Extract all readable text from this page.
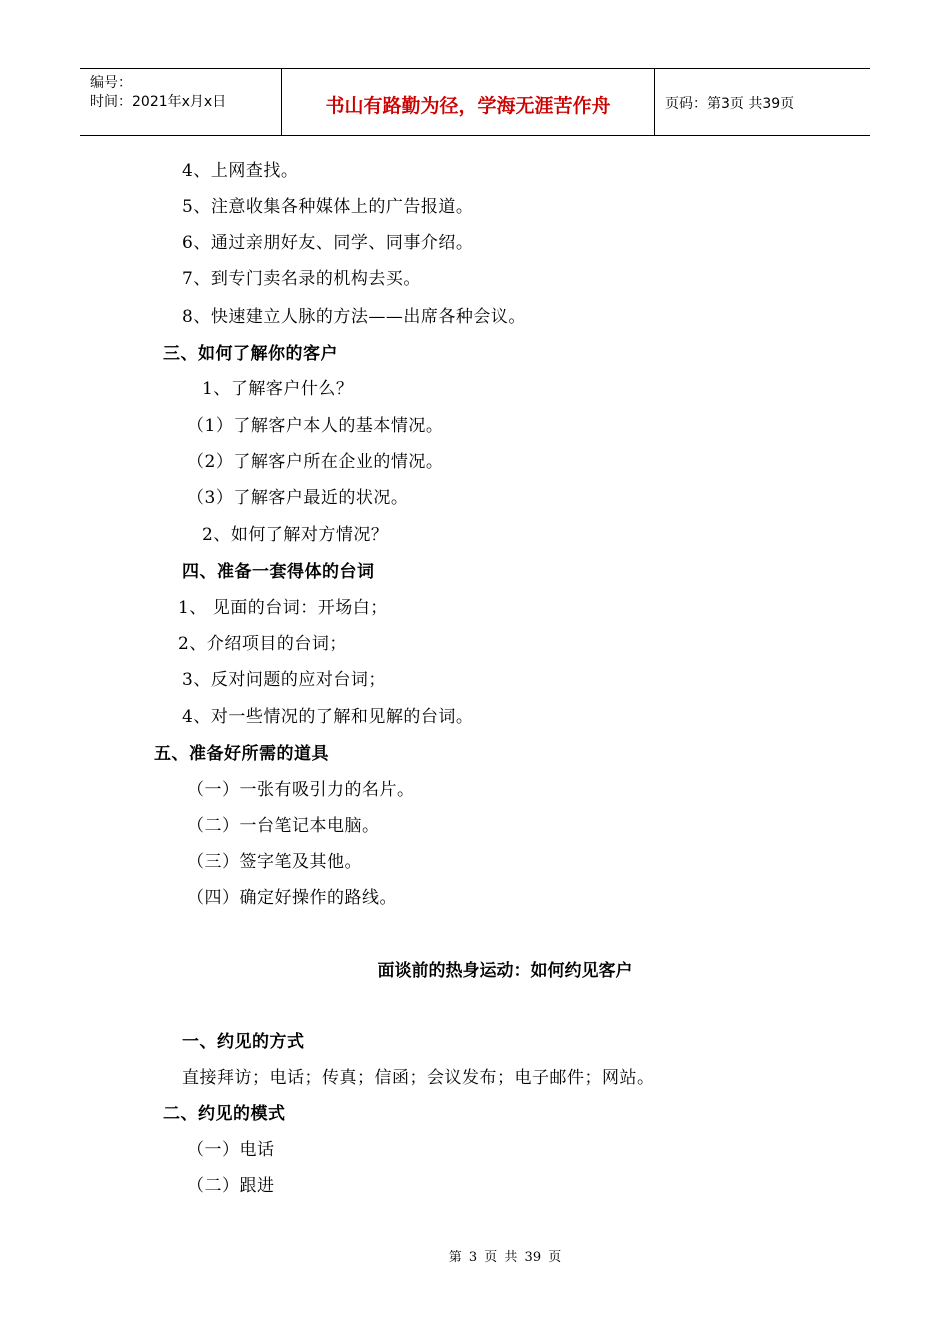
编号：
时间：2021年x月x日	书山有路勤为径，学海无涯苦作舟	页码：第3页 共39页
4、上网查找。
5、注意收集各种媒体上的广告报道。
6、通过亲朋好友、同学、同事介绍。
7、到专门卖名录的机构去买。
8、快速建立人脉的方法——出席各种会议。
三、如何了解你的客户
1、了解客户什么？
（1）了解客户本人的基本情况。
（2）了解客户所在企业的情况。
（3）了解客户最近的状况。
2、如何了解对方情况？
四、准备一套得体的台词
1、 见面的台词：开场白；
2、介绍项目的台词；
3、反对问题的应对台词；
4、对一些情况的了解和见解的台词。
五、准备好所需的道具
（一）一张有吸引力的名片。
（二）一台笔记本电脑。
（三）签字笔及其他。
（四）确定好操作的路线。
面谈前的热身运动：如何约见客户
一、约见的方式
直接拜访；电话；传真；信函；会议发布；电子邮件；网站。
二、约见的模式
（一）电话
（二）跟进
第 3 页 共 39 页
